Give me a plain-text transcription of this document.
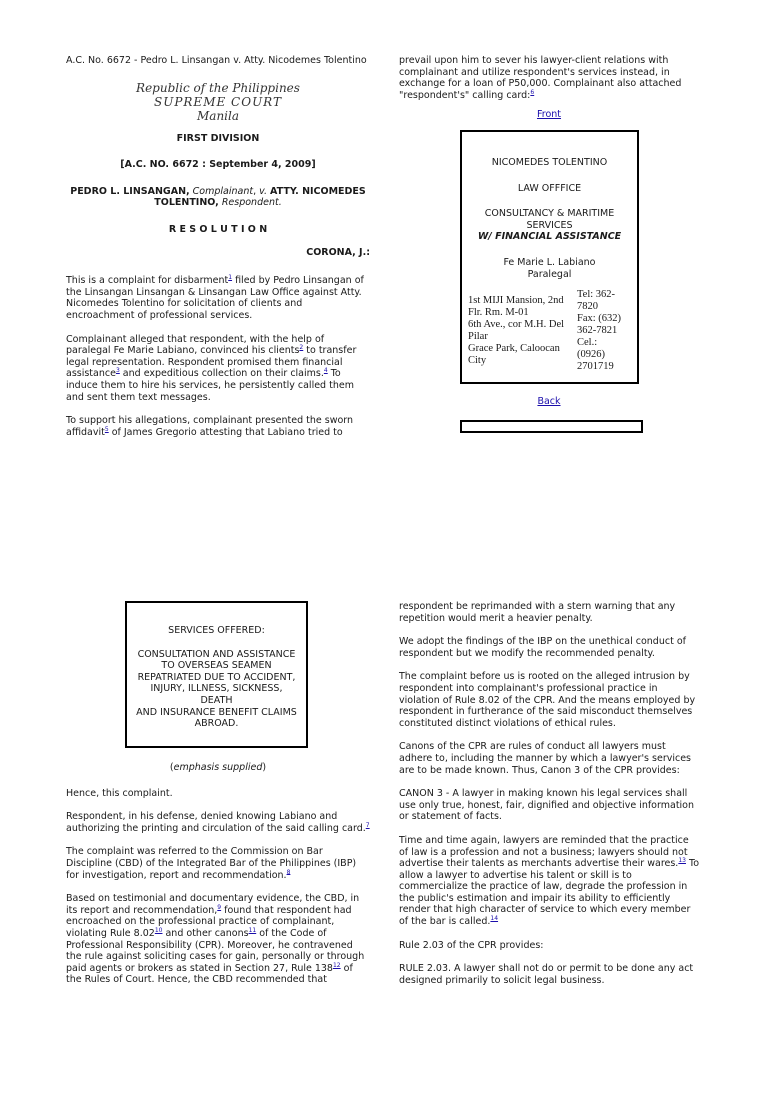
A.C. No. 6672 - Pedro L. Linsangan v. Atty. Nicodemes Tolentino

Republic of the Philippines
SUPREME COURT
Manila

FIRST DIVISION

[A.C. NO. 6672 : September 4, 2009]

PEDRO L. LINSANGAN, Complainant, v. ATTY. NICOMEDES TOLENTINO, Respondent.

R E S O L U T I O N

CORONA, J.:

This is a complaint for disbarment$^1$ filed by Pedro Linsangan of the Linsangan Linsangan & Linsangan Law Office against Atty. Nicomedes Tolentino for solicitation of clients and encroachment of professional services.

Complainant alleged that respondent, with the help of paralegal Fe Marie Labiano, convinced his clients$^2$ to transfer legal representation. Respondent promised them financial assistance$^3$ and expeditious collection on their claims.$^4$ To induce them to hire his services, he persistently called them and sent them text messages.

To support his allegations, complainant presented the sworn affidavit$^5$ of James Gregorio attesting that Labiano tried to

prevail upon him to sever his lawyer-client relations with complainant and utilize respondent's services instead, in exchange for a loan of P50,000. Complainant also attached "respondent's" calling card:$^6$

Front
NICOMEDES TOLENTINO
LAW OFFFICE
CONSULTANCY & MARITIME SERVICES
W/ FINANCIAL ASSISTANCE
Fe Marie L. Labiano
Paralegal
1st MIJI Mansion, 2nd
Flr. Rm. M-01
6th Ave., cor M.H. Del
Pilar
Grace Park, Caloocan
City
Tel: 362-
7820
Fax: (632)
362-7821
Cel.:
(0926)
2701719
Back
SERVICES OFFERED:
CONSULTATION AND ASSISTANCE TO OVERSEAS SEAMEN REPATRIATED DUE TO ACCIDENT, INJURY, ILLNESS, SICKNESS, DEATH
AND INSURANCE BENEFIT CLAIMS ABROAD.

(emphasis supplied)

Hence, this complaint.

Respondent, in his defense, denied knowing Labiano and authorizing the printing and circulation of the said calling card.$^7$

The complaint was referred to the Commission on Bar Discipline (CBD) of the Integrated Bar of the Philippines (IBP) for investigation, report and recommendation.$^8$

Based on testimonial and documentary evidence, the CBD, in its report and recommendation,$^9$ found that respondent had encroached on the professional practice of complainant, violating Rule 8.02$^{10}$ and other canons$^{11}$ of the Code of Professional Responsibility (CPR). Moreover, he contravened the rule against soliciting cases for gain, personally or through paid agents or brokers as stated in Section 27, Rule $138^{12}$ of the Rules of Court. Hence, the CBD recommended that

respondent be reprimanded with a stern warning that any repetition would merit a heavier penalty.

We adopt the findings of the IBP on the unethical conduct of respondent but we modify the recommended penalty.

The complaint before us is rooted on the alleged intrusion by respondent into complainant's professional practice in violation of Rule 8.02 of the CPR. And the means employed by respondent in furtherance of the said misconduct themselves constituted distinct violations of ethical rules.

Canons of the CPR are rules of conduct all lawyers must adhere to, including the manner by which a lawyer's services are to be made known. Thus, Canon 3 of the CPR provides:

CANON 3 - A lawyer in making known his legal services shall use only true, honest, fair, dignified and objective information or statement of facts.

Time and time again, lawyers are reminded that the practice of law is a profession and not a business; lawyers should not advertise their talents as merchants advertise their wares.$^{13}$ To allow a lawyer to advertise his talent or skill is to commercialize the practice of law, degrade the profession in the public's estimation and impair its ability to efficiently render that high character of service to which every member of the bar is called.$^{14}$

Rule 2.03 of the CPR provides:

RULE 2.03. A lawyer shall not do or permit to be done any act designed primarily to solicit legal business.
